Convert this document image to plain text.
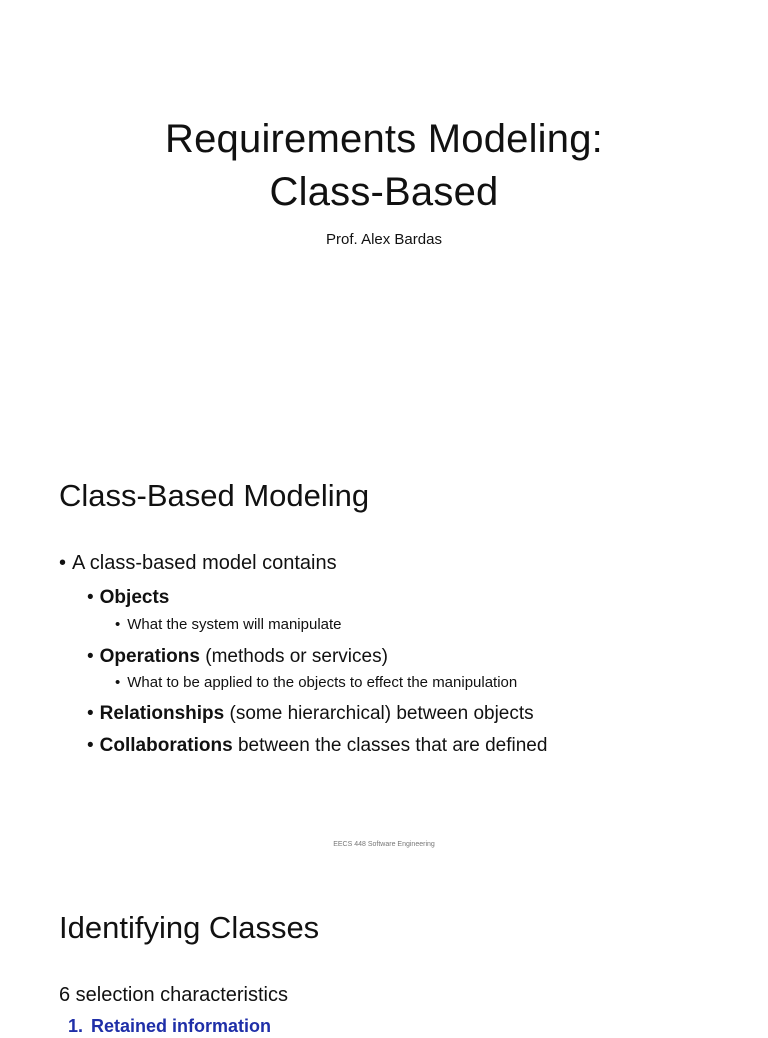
Requirements Modeling:
Class-Based
Prof. Alex Bardas
Class-Based Modeling
• A class-based model contains
• Objects
• What the system will manipulate
• Operations (methods or services)
• What to be applied to the objects to effect the manipulation
• Relationships (some hierarchical) between objects
• Collaborations between the classes that are defined
EECS 448 Software Engineering
Identifying Classes
6 selection characteristics
1. Retained information
